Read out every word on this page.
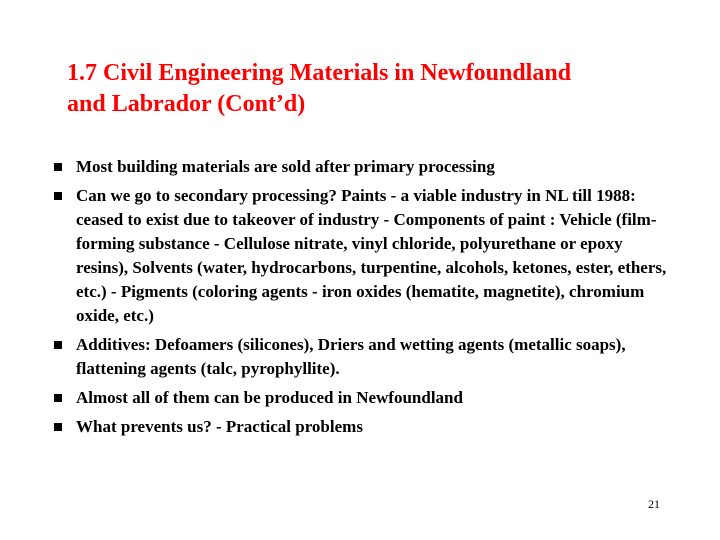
1.7 Civil Engineering Materials in Newfoundland
and Labrador (Cont’d)
Most building materials are sold after primary processing
Can we go to secondary processing? Paints - a viable industry in NL till 1988: ceased to exist due to takeover of industry - Components of paint : Vehicle (film-forming substance - Cellulose nitrate, vinyl chloride, polyurethane or epoxy resins), Solvents (water, hydrocarbons, turpentine, alcohols, ketones, ester, ethers, etc.) - Pigments (coloring agents - iron oxides (hematite, magnetite), chromium oxide, etc.)
Additives: Defoamers (silicones), Driers and wetting agents (metallic soaps), flattening agents (talc, pyrophyllite).
Almost all of them can be produced in Newfoundland
What prevents us? - Practical problems
21
